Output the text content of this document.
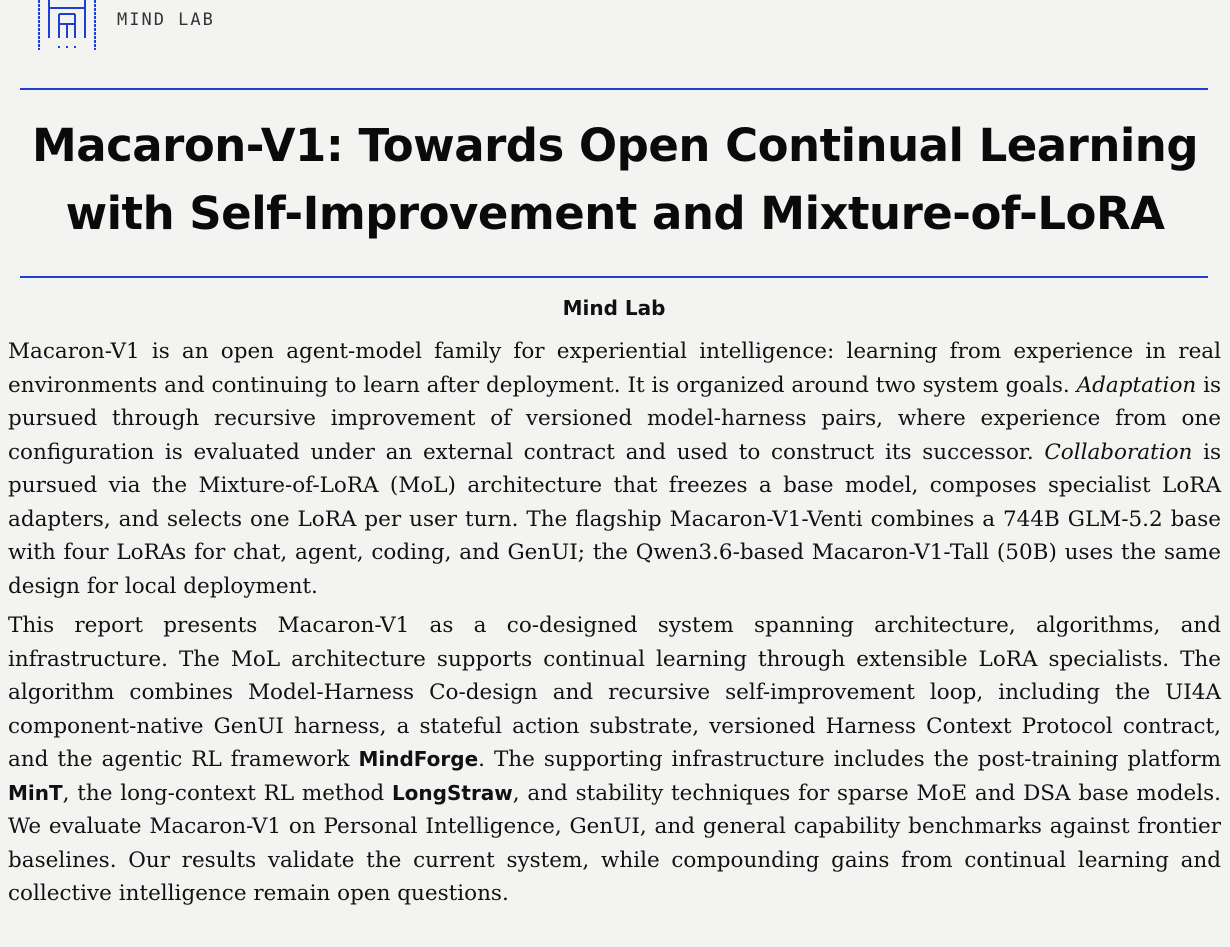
MIND LAB
Macaron-V1: Towards Open Continual Learning
with Self-Improvement and Mixture-of-LoRA
Mind Lab

Macaron-V1 is an open agent-model family for experiential intelligence: learning from experience in real environments and continuing to learn after deployment. It is organized around two system goals. Adaptation is pursued through recursive improvement of versioned model-harness pairs, where experience from one configuration is evaluated under an external contract and used to construct its successor. Collaboration is pursued via the Mixture-of-LoRA (MoL) architecture that freezes a base model, composes specialist LoRA adapters, and selects one LoRA per user turn. The flagship Macaron-V1-Venti combines a 744B GLM-5.2 base with four LoRAs for chat, agent, coding, and GenUI; the Qwen3.6-based Macaron-V1-Tall (50B) uses the same design for local deployment.

This report presents Macaron-V1 as a co-designed system spanning architecture, algorithms, and infrastructure. The MoL architecture supports continual learning through extensible LoRA specialists. The algorithm combines Model-Harness Co-design and recursive self-improvement loop, including the UI4A component-native GenUI harness, a stateful action substrate, versioned Harness Context Protocol contract, and the agentic RL framework MindForge. The supporting infrastructure includes the post-training platform MinT, the long-context RL method LongStraw, and stability techniques for sparse MoE and DSA base models. We evaluate Macaron-V1 on Personal Intelligence, GenUI, and general capability benchmarks against frontier baselines. Our results validate the current system, while compounding gains from continual learning and collective intelligence remain open questions.
